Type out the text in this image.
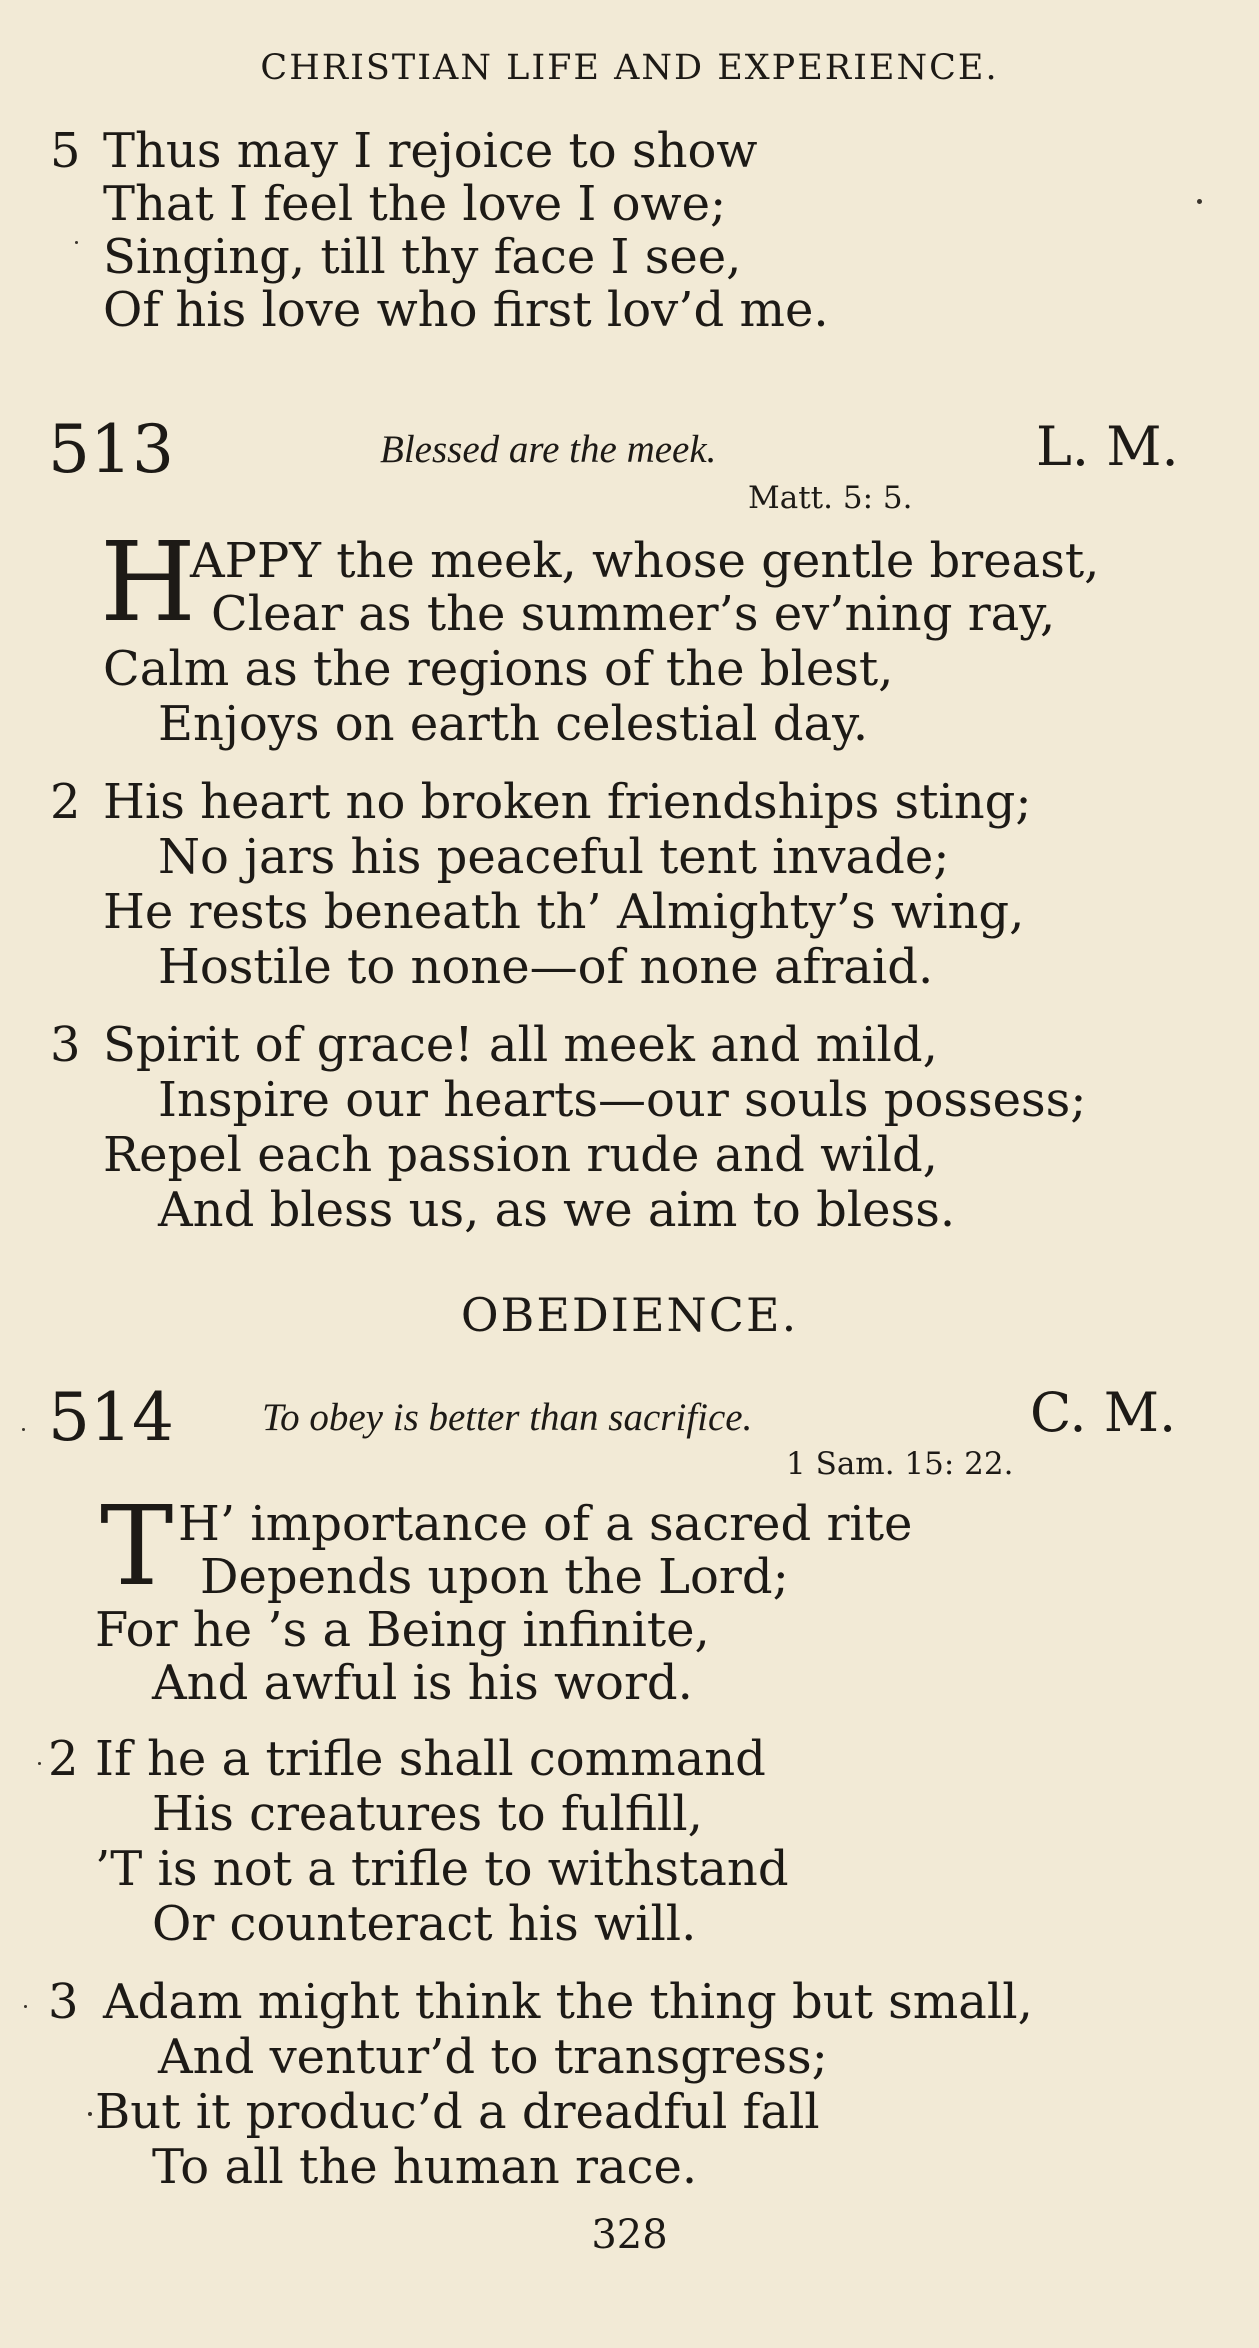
CHRISTIAN LIFE AND EXPERIENCE.
5 Thus may I rejoice to show
That I feel the love I owe;
Singing, till thy face I see,
Of his love who first lov’d me.
513	Blessed are the meek.	L. M.
Matt. 5: 5.
H
APPY the meek, whose gentle breast,
Clear as the summer’s ev’ning ray,
Calm as the regions of the blest,
Enjoys on earth celestial day.
2 His heart no broken friendships sting;
No jars his peaceful tent invade;
He rests beneath th’ Almighty’s wing,
Hostile to none—of none afraid.
3 Spirit of grace! all meek and mild,
Inspire our hearts—our souls possess;
Repel each passion rude and wild,
And bless us, as we aim to bless.
OBEDIENCE.
514 To obey is better than sacrifice.	C. M.
1 Sam. 15: 22.
T H’ importance of a sacred rite
Depends upon the Lord;
For he ’s a Being infinite,
And awful is his word.
2 If he a trifle shall command
His creatures to fulfill,
’T is not a trifle to withstand
Or counteract his will.
3 Adam might think the thing but small,
And ventur’d to transgress;
But it produc’d a dreadful fall
To all the human race.
328
